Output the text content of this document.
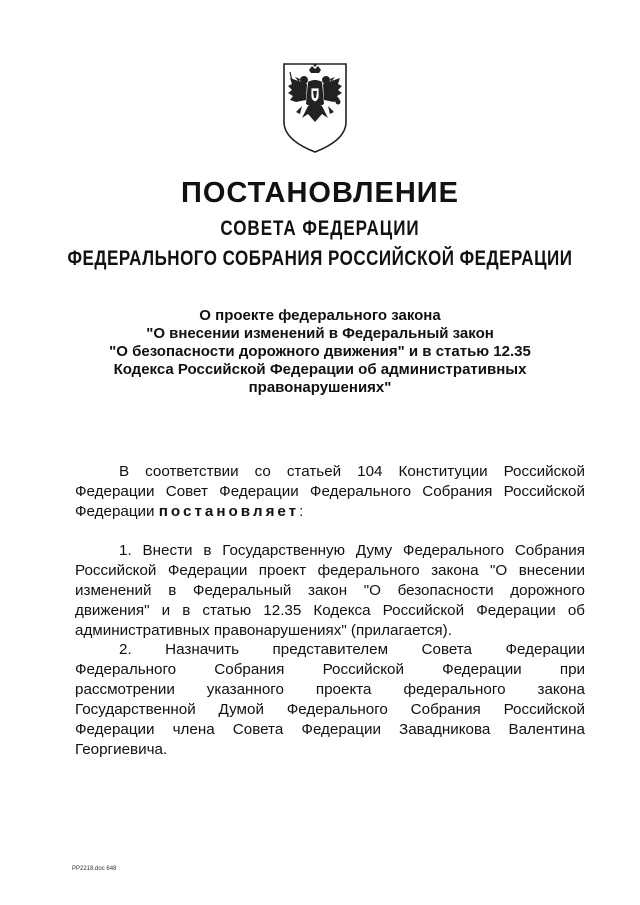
ПОСТАНОВЛЕНИЕ
СОВЕТА ФЕДЕРАЦИИ
ФЕДЕРАЛЬНОГО СОБРАНИЯ РОССИЙСКОЙ ФЕДЕРАЦИИ
О проекте федерального закона
"О внесении изменений в Федеральный закон
"О безопасности дорожного движения" и в статью 12.35
Кодекса Российской Федерации об административных
правонарушениях"
В соответствии со статьей 104 Конституции Российской
Федерации Совет Федерации Федерального Собрания Российской
Федерации постановляет:
1. Внести в Государственную Думу Федерального Собрания
Российской Федерации проект федерального закона "О внесении
изменений в Федеральный закон "О безопасности дорожного
движения" и в статью 12.35 Кодекса Российской Федерации об
административных правонарушениях" (прилагается).
2. Назначить представителем Совета Федерации
Федерального Собрания Российской Федерации при
рассмотрении указанного проекта федерального закона
Государственной Думой Федерального Собрания Российской
Федерации члена Совета Федерации Завадникова Валентина
Георгиевича.
РР2218.doc 648
